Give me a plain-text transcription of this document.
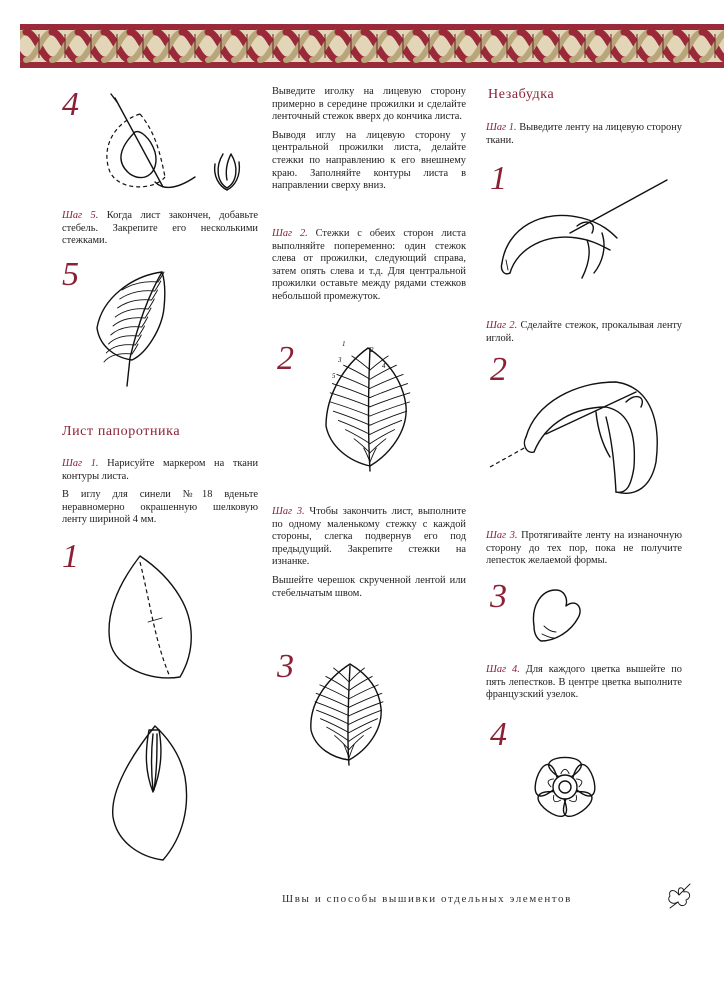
4

Шаг 5. Когда лист закончен, добавьте стебель. Закрепите его несколькими стежками.

5
Лист папоротника

Шаг 1. Нарисуйте маркером на ткани контуры листа.

В иглу для синели №18 вденьте неравномерно окрашенную шелковую ленту шириной 4 мм.

1

Выведите иголку на лицевую сторону примерно в середине прожилки и сделайте ленточный стежок вверх до кончика листа.

Выводя иглу на лицевую сторону у центральной прожилки листа, делайте стежки по направлению к его внешнему краю. Заполняйте контуры листа в направлении сверху вниз.

Шаг 2. Стежки с обеих сторон листа выполняйте попеременно: один стежок слева от прожилки, следующий справа, затем опять слева и т.д. Для центральной прожилки оставьте между рядами стежков небольшой промежуток.

2	1
2
3
4
5

Шаг 3. Чтобы закончить лист, выполните по одному маленькому стежку с каждой стороны, слегка подвернув его под предыдущий. Закрепите стежки на изнанке.

Вышейте черешок скрученной лентой или стебельчатым швом.

3
Незабудка

Шаг 1. Выведите ленту на лицевую сторону ткани.

1

Шаг 2. Сделайте стежок, прокалывая ленту иглой.

2

Шаг 3. Протягивайте ленту на изнаночную сторону до тех пор, пока не получите лепесток желаемой формы.

3

Шаг 4. Для каждого цветка вышейте по пять лепестков. В центре цветка выполните французский узелок.

4
Швы и способы вышивки отдельных элементов
